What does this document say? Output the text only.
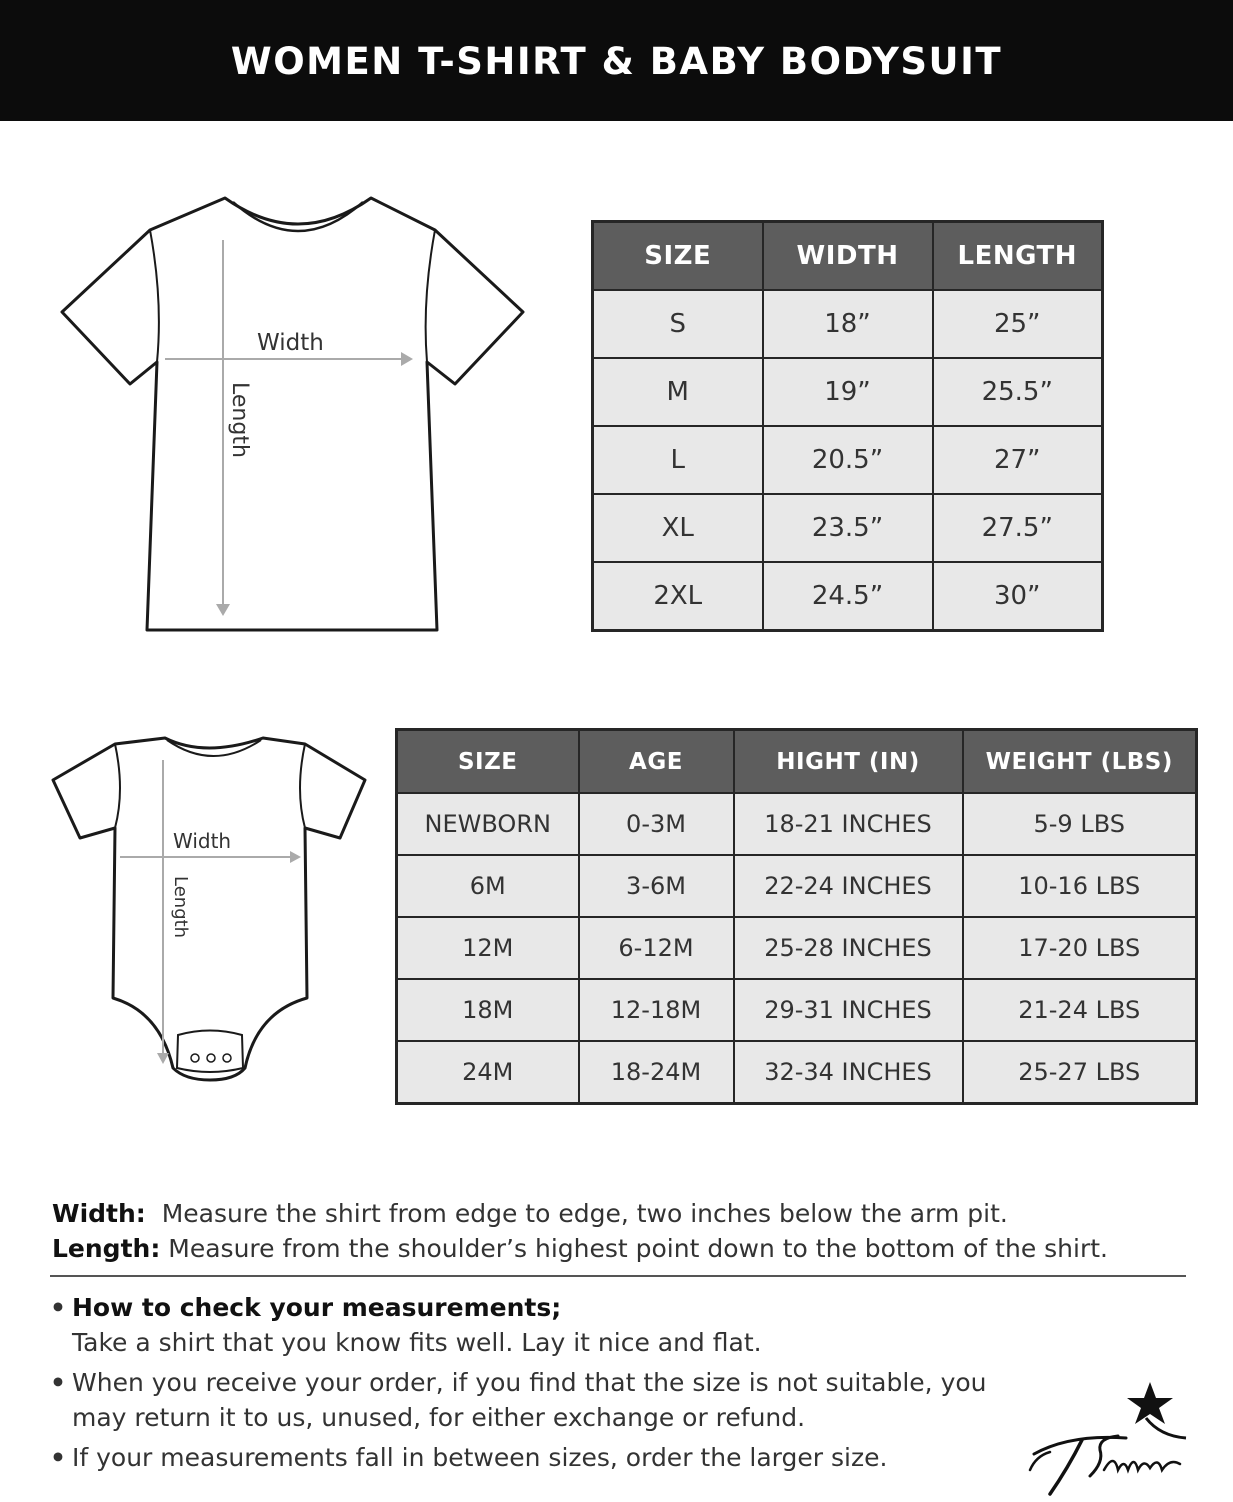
WOMEN T-SHIRT & BABY BODYSUIT
Width
Length
SIZE	WIDTH	LENGTH
S	18”	25”
M	19”	25.5”
L	20.5”	27”
XL	23.5”	27.5”
2XL	24.5”	30”
Width
Length
SIZE	AGE	HIGHT (IN)	WEIGHT (LBS)
NEWBORN	0-3M	18-21 INCHES	5-9 LBS
6M	3-6M	22-24 INCHES	10-16 LBS
12M	6-12M	25-28 INCHES	17-20 LBS
18M	12-18M	29-31 INCHES	21-24 LBS
24M	18-24M	32-34 INCHES	25-27 LBS
Width: Measure the shirt from edge to edge, two inches below the arm pit.
Length: Measure from the shoulder’s highest point down to the bottom of the shirt.
• How to check your measurements;
Take a shirt that you know fits well. Lay it nice and flat.
• When you receive your order, if you find that the size is not suitable, you may return it to us, unused, for either exchange or refund.
• If your measurements fall in between sizes, order the larger size.
